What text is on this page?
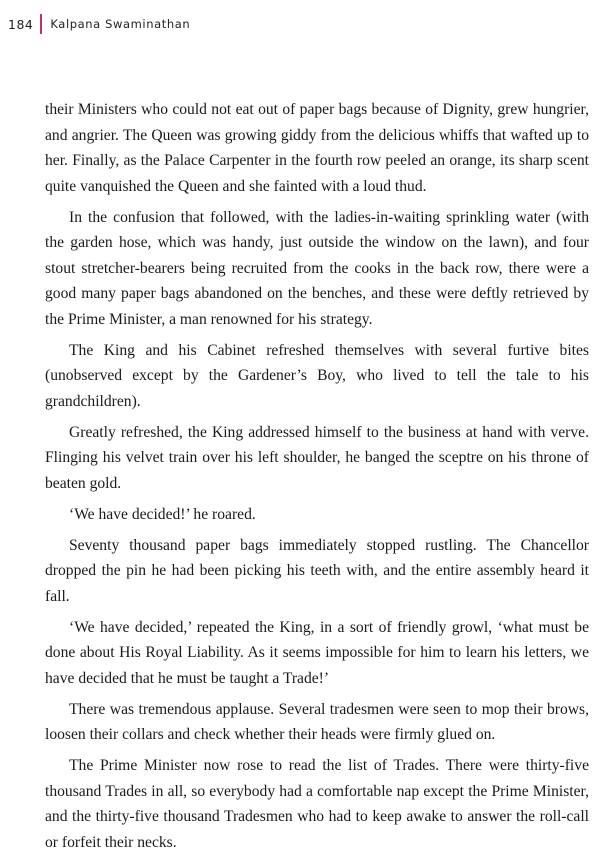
184 Kalpana Swaminathan

their Ministers who could not eat out of paper bags because of Dignity, grew hungrier, and angrier. The Queen was growing giddy from the delicious whiffs that wafted up to her. Finally, as the Palace Carpenter in the fourth row peeled an orange, its sharp scent quite vanquished the Queen and she fainted with a loud thud.

In the confusion that followed, with the ladies-in-waiting sprinkling water (with the garden hose, which was handy, just outside the window on the lawn), and four stout stretcher-bearers being recruited from the cooks in the back row, there were a good many paper bags abandoned on the benches, and these were deftly retrieved by the Prime Minister, a man renowned for his strategy.

The King and his Cabinet refreshed themselves with several furtive bites (unobserved except by the Gardener’s Boy, who lived to tell the tale to his grandchildren).

Greatly refreshed, the King addressed himself to the business at hand with verve. Flinging his velvet train over his left shoulder, he banged the sceptre on his throne of beaten gold.

‘We have decided!’ he roared.

Seventy thousand paper bags immediately stopped rustling. The Chancellor dropped the pin he had been picking his teeth with, and the entire assembly heard it fall.

‘We have decided,’ repeated the King, in a sort of friendly growl, ‘what must be done about His Royal Liability. As it seems impossible for him to learn his letters, we have decided that he must be taught a Trade!’

There was tremendous applause. Several tradesmen were seen to mop their brows, loosen their collars and check whether their heads were firmly glued on.

The Prime Minister now rose to read the list of Trades. There were thirty-five thousand Trades in all, so everybody had a comfortable nap except the Prime Minister, and the thirty-five thousand Tradesmen who had to keep awake to answer the roll-call or forfeit their necks.
